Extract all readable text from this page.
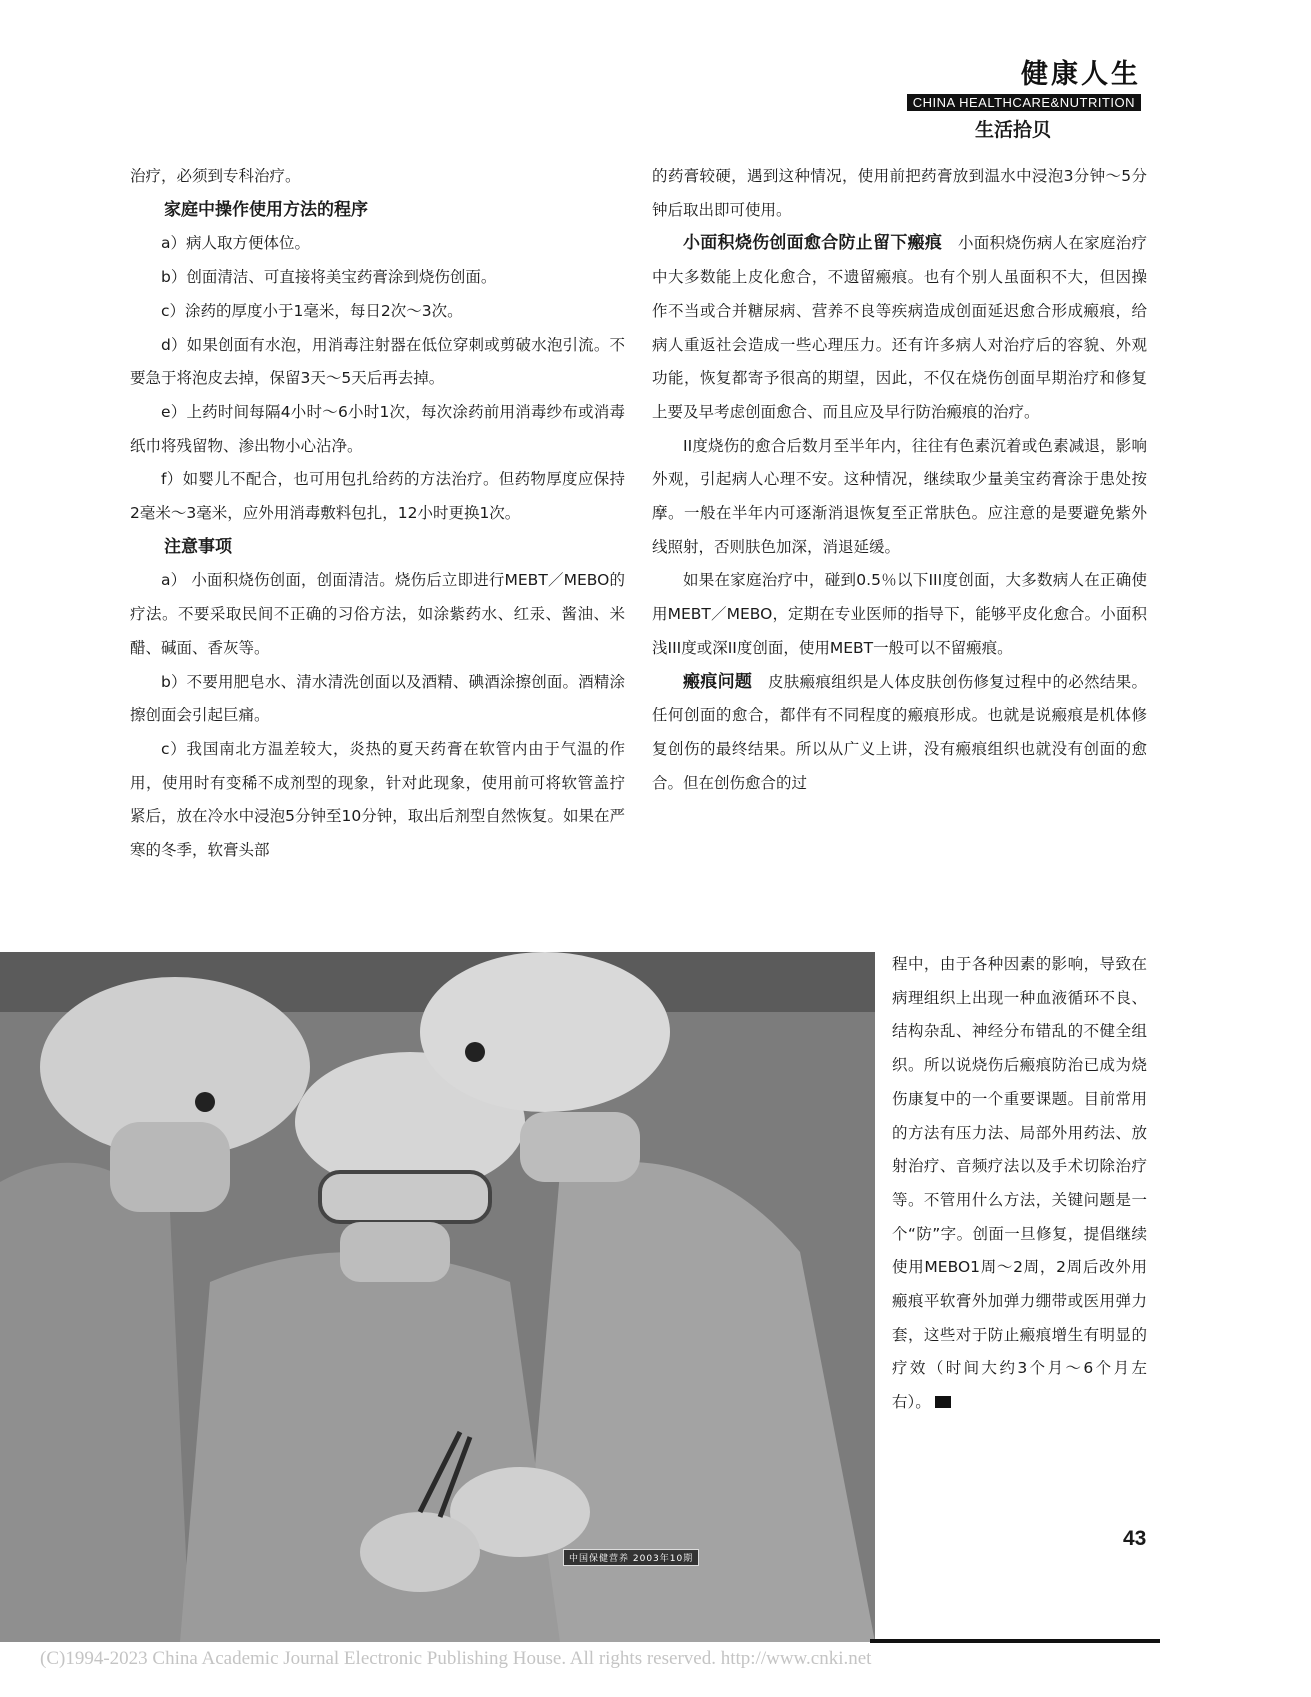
健康人生
CHINA HEALTHCARE&NUTRITION
生活拾贝

治疗，必须到专科治疗。

家庭中操作使用方法的程序

a）病人取方便体位。

b）创面清洁、可直接将美宝药膏涂到烧伤创面。

c）涂药的厚度小于1毫米，每日2次～3次。

d）如果创面有水泡，用消毒注射器在低位穿刺或剪破水泡引流。不要急于将泡皮去掉，保留3天～5天后再去掉。

e）上药时间每隔4小时～6小时1次，每次涂药前用消毒纱布或消毒纸巾将残留物、渗出物小心沾净。

f）如婴儿不配合，也可用包扎给药的方法治疗。但药物厚度应保持2毫米～3毫米，应外用消毒敷料包扎，12小时更换1次。

注意事项

a） 小面积烧伤创面，创面清洁。烧伤后立即进行MEBT／MEBO的疗法。不要采取民间不正确的习俗方法，如涂紫药水、红汞、酱油、米醋、碱面、香灰等。

b）不要用肥皂水、清水清洗创面以及酒精、碘酒涂擦创面。酒精涂擦创面会引起巨痛。

c）我国南北方温差较大，炎热的夏天药膏在软管内由于气温的作用，使用时有变稀不成剂型的现象，针对此现象，使用前可将软管盖拧紧后，放在冷水中浸泡5分钟至10分钟，取出后剂型自然恢复。如果在严寒的冬季，软膏头部

的药膏较硬，遇到这种情况，使用前把药膏放到温水中浸泡3分钟～5分钟后取出即可使用。

小面积烧伤创面愈合防止留下瘢痕　 小面积烧伤病人在家庭治疗中大多数能上皮化愈合，不遗留瘢痕。也有个别人虽面积不大，但因操作不当或合并糖尿病、营养不良等疾病造成创面延迟愈合形成瘢痕，给病人重返社会造成一些心理压力。还有许多病人对治疗后的容貌、外观功能，恢复都寄予很高的期望，因此，不仅在烧伤创面早期治疗和修复上要及早考虑创面愈合、而且应及早行防治瘢痕的治疗。

II度烧伤的愈合后数月至半年内，往往有色素沉着或色素减退，影响外观，引起病人心理不安。这种情况，继续取少量美宝药膏涂于患处按摩。一般在半年内可逐渐消退恢复至正常肤色。应注意的是要避免紫外线照射，否则肤色加深，消退延缓。

如果在家庭治疗中，碰到0.5％以下III度创面，大多数病人在正确使用MEBT／MEBO，定期在专业医师的指导下，能够平皮化愈合。小面积浅III度或深II度创面，使用MEBT一般可以不留瘢痕。

瘢痕问题　 皮肤瘢痕组织是人体皮肤创伤修复过程中的必然结果。任何创面的愈合，都伴有不同程度的瘢痕形成。也就是说瘢痕是机体修复创伤的最终结果。所以从广义上讲，没有瘢痕组织也就没有创面的愈合。但在创伤愈合的过

程中，由于各种因素的影响，导致在病理组织上出现一种血液循环不良、结构杂乱、神经分布错乱的不健全组织。所以说烧伤后瘢痕防治已成为烧伤康复中的一个重要课题。目前常用的方法有压力法、局部外用药法、放射治疗、音频疗法以及手术切除治疗等。不管用什么方法，关键问题是一个“防”字。创面一旦修复，提倡继续使用MEBO1周～2周，2周后改外用瘢痕平软膏外加弹力绷带或医用弹力套，这些对于防止瘢痕增生有明显的疗效（时间大约3个月～6个月左右）。

中国保健营养 2003年10期
43
(C)1994-2023 China Academic Journal Electronic Publishing House. All rights reserved. http://www.cnki.net
